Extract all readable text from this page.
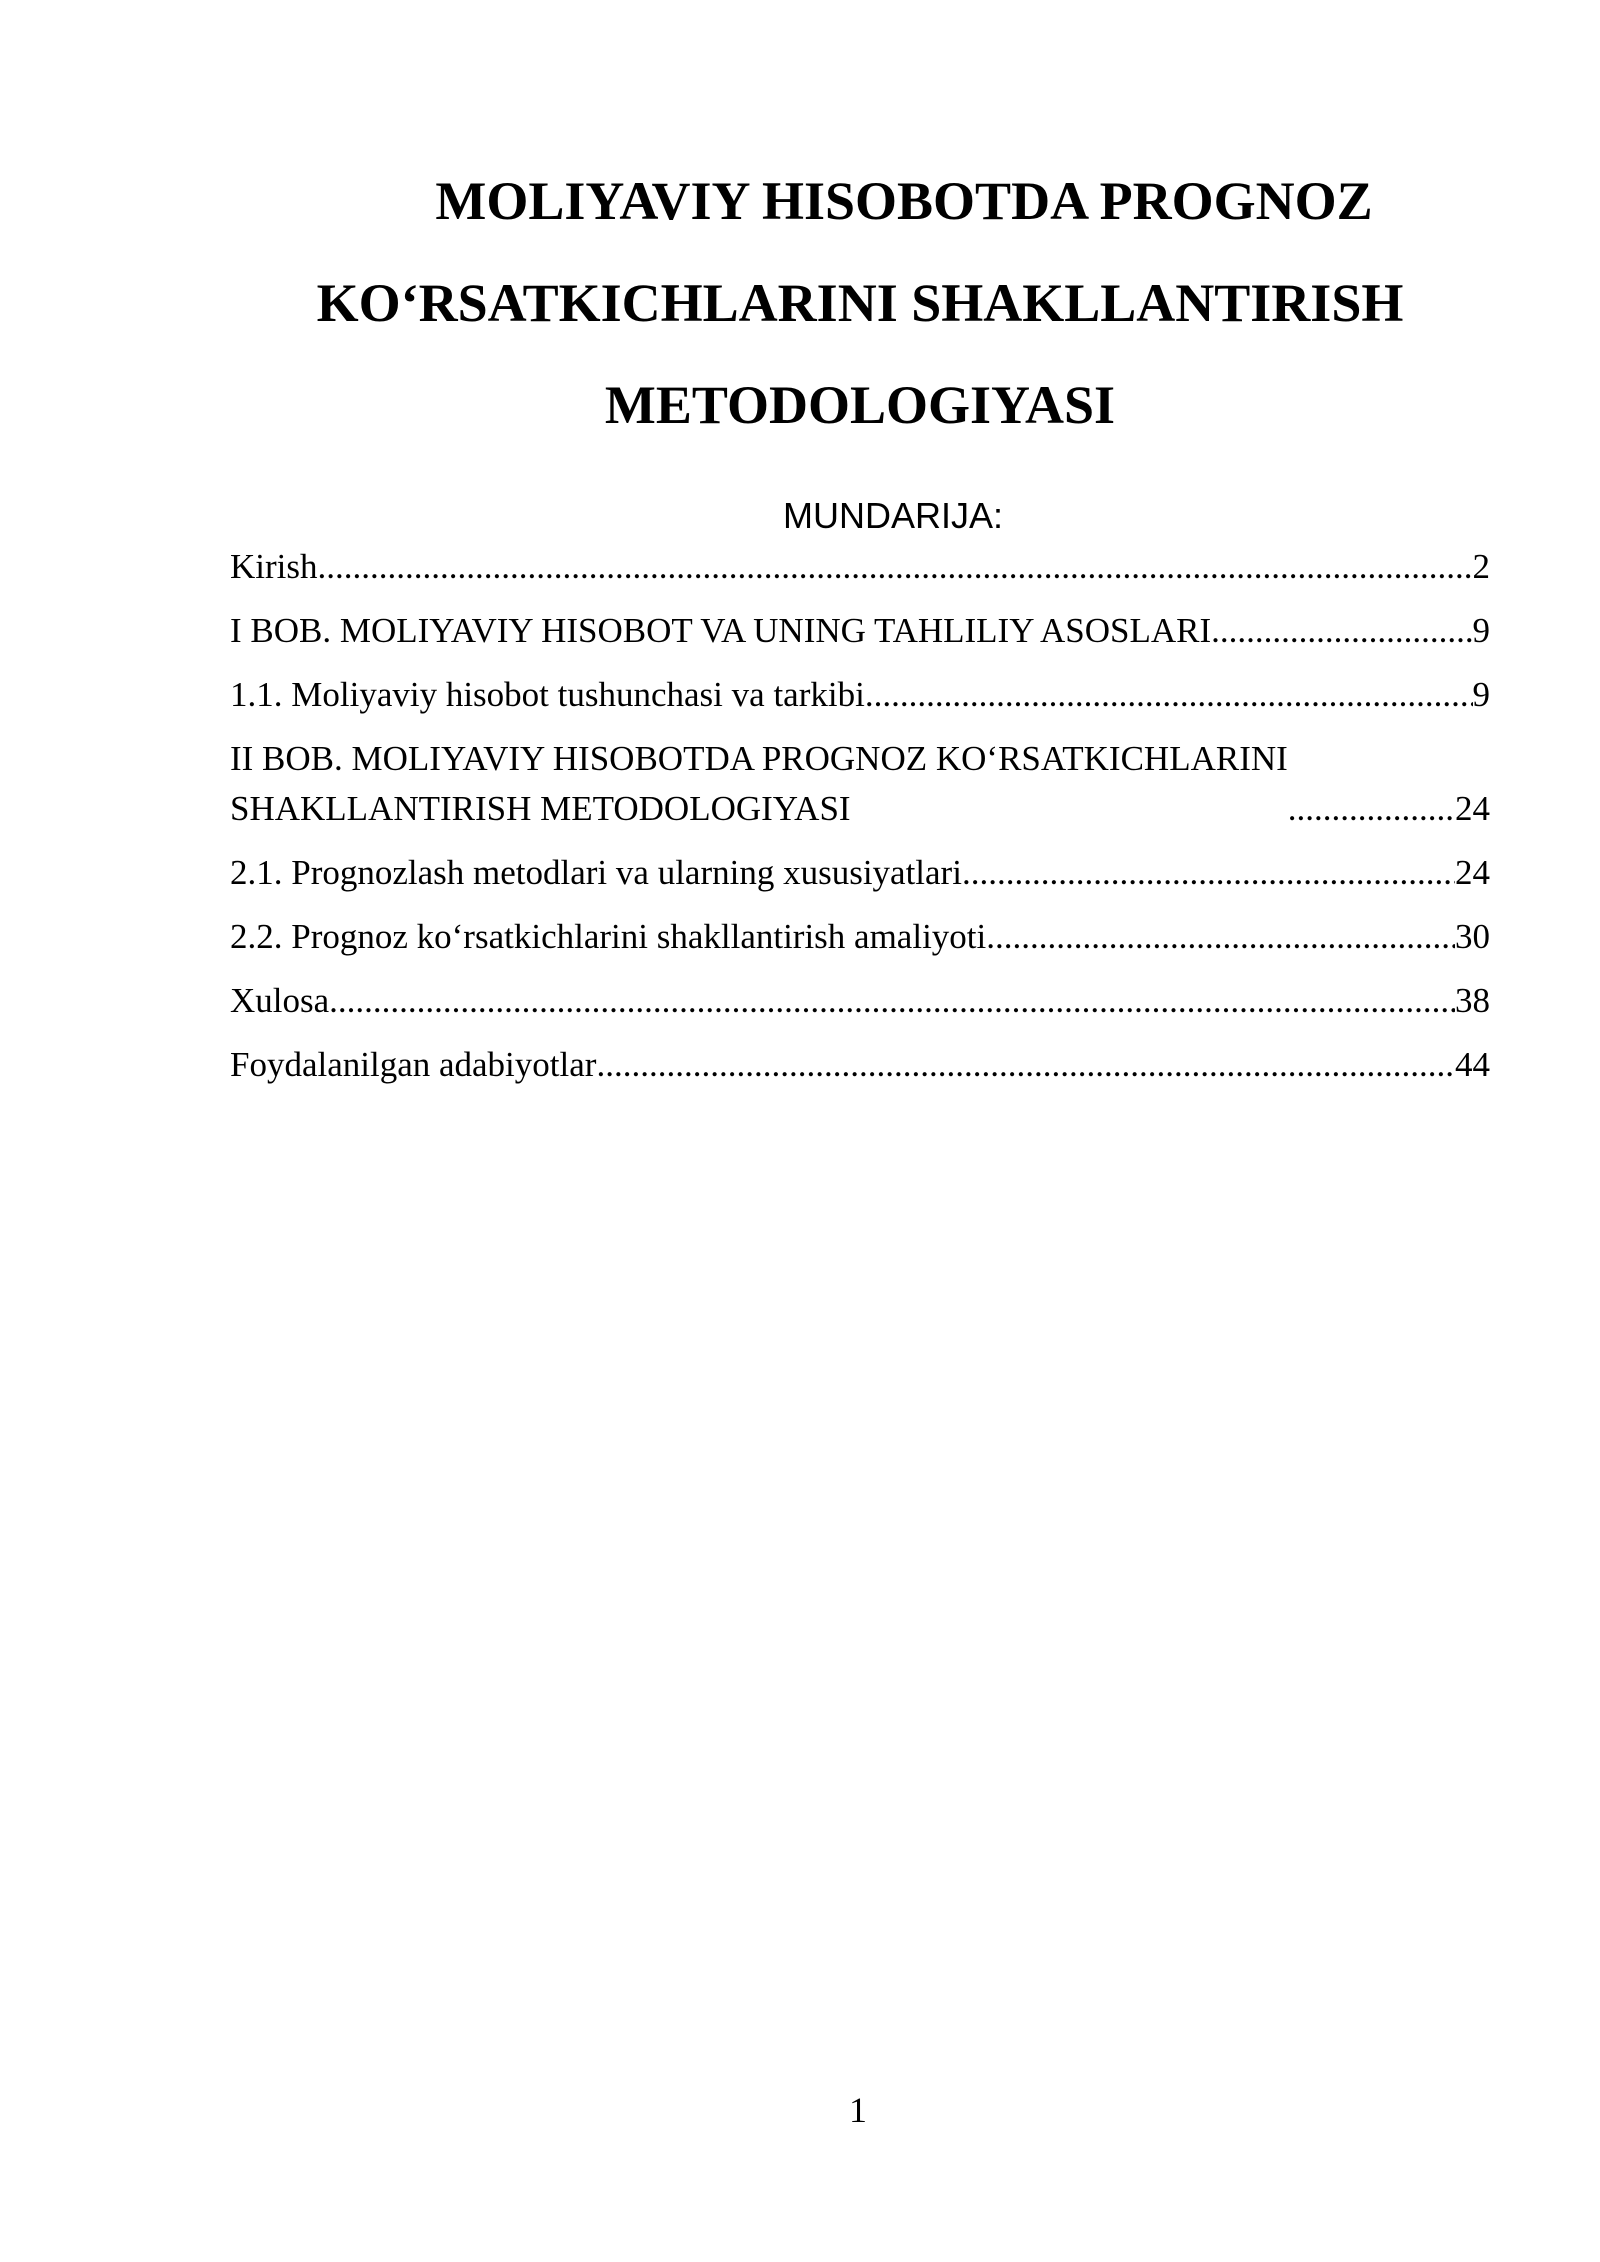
MOLIYAVIY HISOBOTDA PROGNOZ
KO‘RSATKICHLARINI SHAKLLANTIRISH
METODOLOGIYASI
MUNDARIJA:
Kirish .....	2
I BOB. MOLIYAVIY HISOBOT VA UNING TAHLILIY ASOSLARI .....	9
1.1. Moliyaviy hisobot tushunchasi va tarkibi .....	9
II BOB. MOLIYAVIY HISOBOTDA PROGNOZ KO‘RSATKICHLARINI
SHAKLLANTIRISH METODOLOGIYASI .....	24
2.1. Prognozlash metodlari va ularning xususiyatlari .....	24
2.2. Prognoz ko‘rsatkichlarini shakllantirish amaliyoti .....	30
Xulosa .....	38
Foydalanilgan adabiyotlar .....	44
1
